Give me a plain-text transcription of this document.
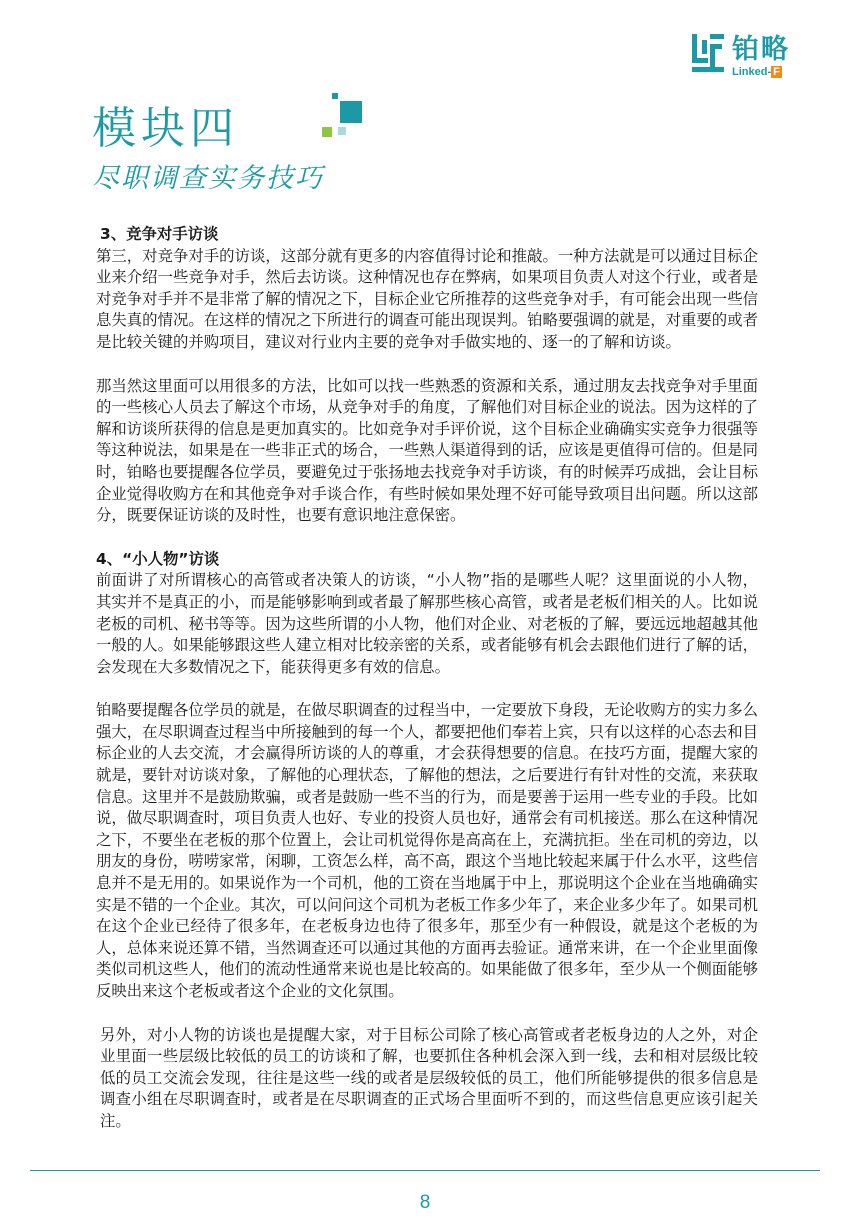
铂略
Linked- F
模块四
尽职调查实务技巧

3、竞争对手访谈

第三，对竞争对手的访谈，这部分就有更多的内容值得讨论和推敲。一种方法就是可以通过目标企业来介绍一些竞争对手，然后去访谈。这种情况也存在弊病，如果项目负责人对这个行业，或者是对竞争对手并不是非常了解的情况之下，目标企业它所推荐的这些竞争对手，有可能会出现一些信息失真的情况。在这样的情况之下所进行的调查可能出现误判。铂略要强调的就是，对重要的或者是比较关键的并购项目，建议对行业内主要的竞争对手做实地的、逐一的了解和访谈。

那当然这里面可以用很多的方法，比如可以找一些熟悉的资源和关系，通过朋友去找竞争对手里面的一些核心人员去了解这个市场，从竞争对手的角度，了解他们对目标企业的说法。因为这样的了解和访谈所获得的信息是更加真实的。比如竞争对手评价说，这个目标企业确确实实竞争力很强等等这种说法，如果是在一些非正式的场合，一些熟人渠道得到的话，应该是更值得可信的。但是同时，铂略也要提醒各位学员，要避免过于张扬地去找竞争对手访谈，有的时候弄巧成拙，会让目标企业觉得收购方在和其他竞争对手谈合作，有些时候如果处理不好可能导致项目出问题。所以这部分，既要保证访谈的及时性，也要有意识地注意保密。

4、“小人物”访谈

前面讲了对所谓核心的高管或者决策人的访谈，“小人物”指的是哪些人呢？这里面说的小人物，其实并不是真正的小，而是能够影响到或者最了解那些核心高管，或者是老板们相关的人。比如说老板的司机、秘书等等。因为这些所谓的小人物，他们对企业、对老板的了解，要远远地超越其他一般的人。如果能够跟这些人建立相对比较亲密的关系，或者能够有机会去跟他们进行了解的话，会发现在大多数情况之下，能获得更多有效的信息。

铂略要提醒各位学员的就是，在做尽职调查的过程当中，一定要放下身段，无论收购方的实力多么强大，在尽职调查过程当中所接触到的每一个人，都要把他们奉若上宾，只有以这样的心态去和目标企业的人去交流，才会赢得所访谈的人的尊重，才会获得想要的信息。在技巧方面，提醒大家的就是，要针对访谈对象，了解他的心理状态，了解他的想法，之后要进行有针对性的交流，来获取信息。这里并不是鼓励欺骗，或者是鼓励一些不当的行为，而是要善于运用一些专业的手段。比如说，做尽职调查时，项目负责人也好、专业的投资人员也好，通常会有司机接送。那么在这种情况之下，不要坐在老板的那个位置上，会让司机觉得你是高高在上，充满抗拒。坐在司机的旁边，以朋友的身份，唠唠家常，闲聊，工资怎么样，高不高，跟这个当地比较起来属于什么水平，这些信息并不是无用的。如果说作为一个司机，他的工资在当地属于中上，那说明这个企业在当地确确实实是不错的一个企业。其次，可以问问这个司机为老板工作多少年了，来企业多少年了。如果司机在这个企业已经待了很多年，在老板身边也待了很多年，那至少有一种假设，就是这个老板的为人，总体来说还算不错，当然调查还可以通过其他的方面再去验证。通常来讲，在一个企业里面像类似司机这些人，他们的流动性通常来说也是比较高的。如果能做了很多年，至少从一个侧面能够反映出来这个老板或者这个企业的文化氛围。

另外，对小人物的访谈也是提醒大家，对于目标公司除了核心高管或者老板身边的人之外，对企业里面一些层级比较低的员工的访谈和了解，也要抓住各种机会深入到一线，去和相对层级比较低的员工交流会发现，往往是这些一线的或者是层级较低的员工，他们所能够提供的很多信息是调查小组在尽职调查时，或者是在尽职调查的正式场合里面听不到的，而这些信息更应该引起关注。

8
